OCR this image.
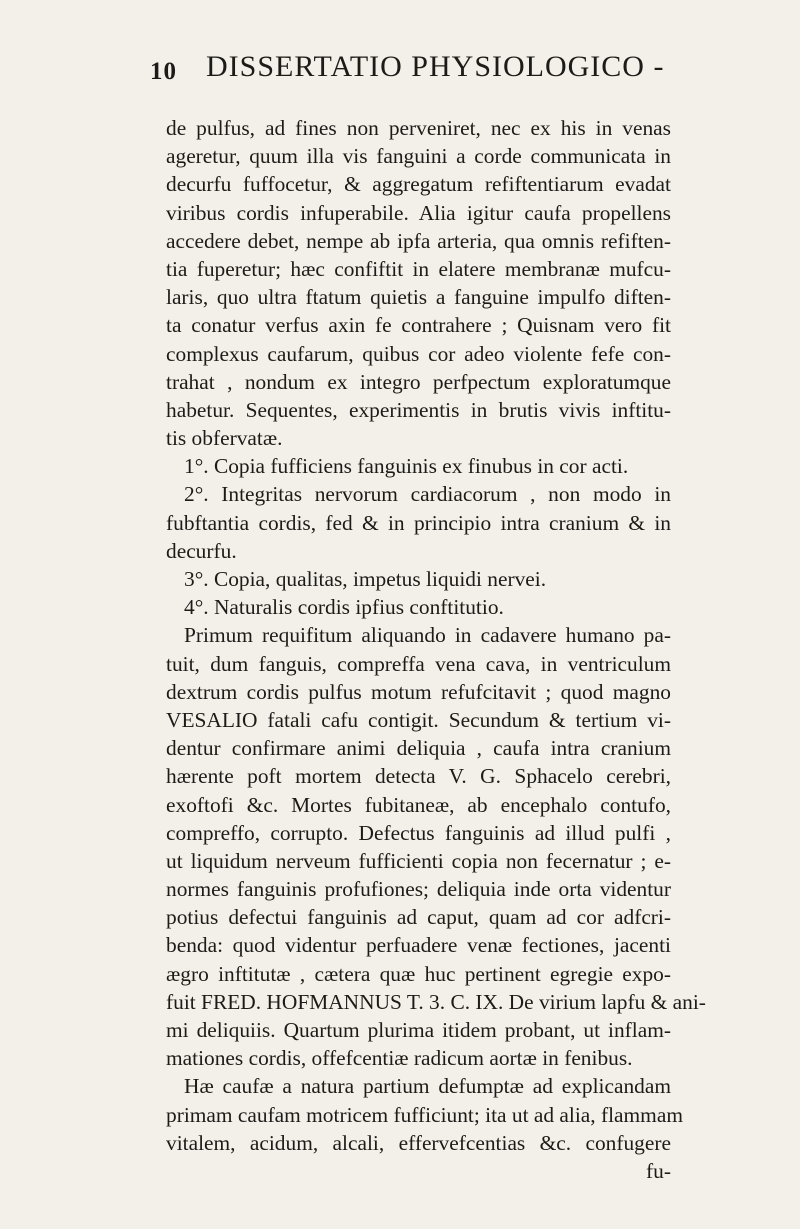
10 DISSERTATIO PHYSIOLOGICO -
de pulfus, ad fines non perveniret, nec ex his in venas
ageretur, quum illa vis fanguini a corde communicata in
decurfu fuffocetur, & aggregatum refiftentiarum evadat
viribus cordis infuperabile. Alia igitur caufa propellens
accedere debet, nempe ab ipfa arteria, qua omnis refiften-
tia fuperetur; hæc confiftit in elatere membranæ mufcu-
laris, quo ultra ftatum quietis a fanguine impulfo diften-
ta conatur verfus axin fe contrahere ; Quisnam vero fit
complexus caufarum, quibus cor adeo violente fefe con-
trahat , nondum ex integro perfpectum exploratumque
habetur. Sequentes, experimentis in brutis vivis inftitu-
tis obfervatæ.
1°. Copia fufficiens fanguinis ex finubus in cor acti.
2°. Integritas nervorum cardiacorum , non modo in
fubftantia cordis, fed & in principio intra cranium & in
decurfu.
3°. Copia, qualitas, impetus liquidi nervei.
4°. Naturalis cordis ipfius conftitutio.
Primum requifitum aliquando in cadavere humano pa-
tuit, dum fanguis, compreffa vena cava, in ventriculum
dextrum cordis pulfus motum refufcitavit ; quod magno
VESALIO fatali cafu contigit. Secundum & tertium vi-
dentur confirmare animi deliquia , caufa intra cranium
hærente poft mortem detecta V. G. Sphacelo cerebri,
exoftofi &c. Mortes fubitaneæ, ab encephalo contufo,
compreffo, corrupto. Defectus fanguinis ad illud pulfi ,
ut liquidum nerveum fufficienti copia non fecernatur ; e-
normes fanguinis profufiones; deliquia inde orta videntur
potius defectui fanguinis ad caput, quam ad cor adfcri-
benda: quod videntur perfuadere venæ fectiones, jacenti
ægro inftitutæ , cætera quæ huc pertinent egregie expo-
fuit FRED. HOFMANNUS T. 3. C. IX. De virium lapfu & ani-
mi deliquiis. Quartum plurima itidem probant, ut inflam-
mationes cordis, offefcentiæ radicum aortæ in fenibus.
Hæ caufæ a natura partium defumptæ ad explicandam
primam caufam motricem fufficiunt; ita ut ad alia, flammam
vitalem, acidum, alcali, effervefcentias &c. confugere
fu-
